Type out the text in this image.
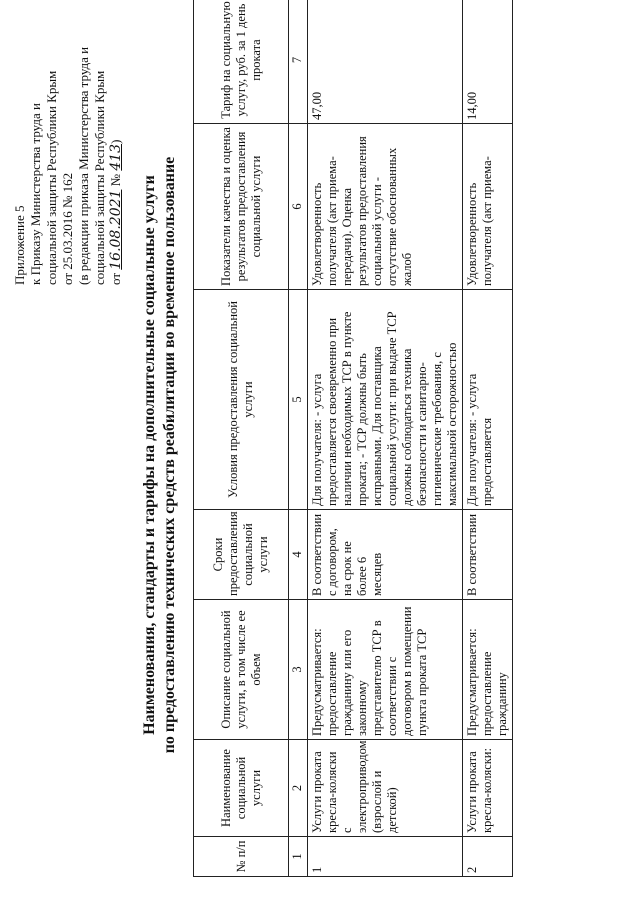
Приложение 5 к Приказу Министерства труда и социальной защиты Республики Крым от 25.03.2016 № 162 (в редакции приказа Министерства труда и социальной защиты Республики Крым от 16.08.2021 № 413)
Наименования, стандарты и тарифы на дополнительные социальные услуги по предоставлению технических средств реабилитации во временное пользование
№ п/п	Наименование социальной услуги	Описание социальной услуги, в том числе ее объем	Сроки предоставления социальной услуги	Условия предоставления социальной услуги	Показатели качества и оценка результатов предоставления социальной услуги	Тариф на социальную услугу, руб. за 1 день проката
1	2	3	4	5	6	7
1	Услуги проката кресла-коляски с электроприводом (взрослой и детской)	Предусматривается: предоставление гражданину или его законному представителю ТСР в соответствии с договором в помещении пункта проката ТСР	В соответствии с договором, на срок не более 6 месяцев	Для получателя: - услуга предоставляется своевременно при наличии необходимых ТСР в пункте проката; - ТСР должны быть исправными. Для поставщика социальной услуги: при выдаче ТСР должны соблюдаться техника безопасности и санитарно-гигиенические требования, с максимальной осторожностью	Удовлетворенность получателя (акт приема-передачи). Оценка результатов предоставления социальной услуги - отсутствие обоснованных жалоб	47,00
2	Услуги проката кресла-коляски:	Предусматривается: предоставление гражданину	В соответствии	Для получателя: - услуга предоставляется	Удовлетворенность получателя (акт приема-	14,00
